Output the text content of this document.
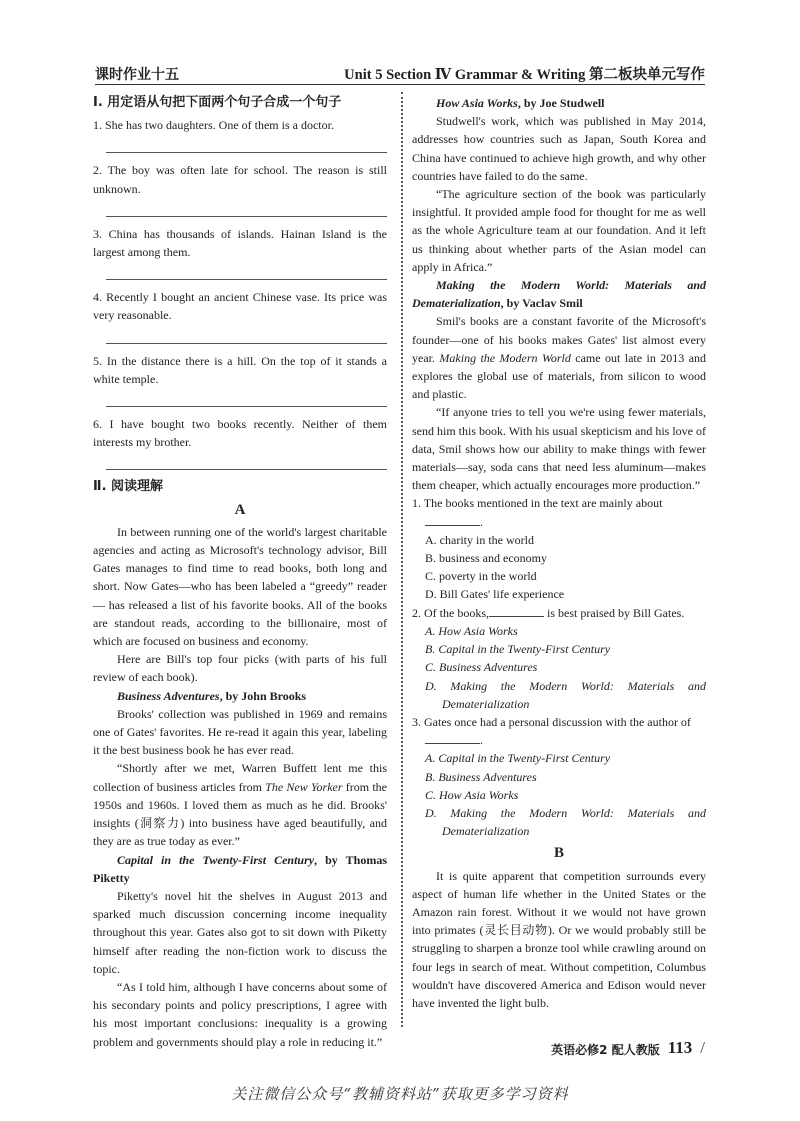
课时作业十五	Unit 5 Section Ⅳ Grammar & Writing 第二板块单元写作
Ⅰ. 用定语从句把下面两个句子合成一个句子
1. She has two daughters. One of them is a doctor.
2. The boy was often late for school. The reason is still unknown.
3. China has thousands of islands. Hainan Island is the largest among them.
4. Recently I bought an ancient Chinese vase. Its price was very reasonable.
5. In the distance there is a hill. On the top of it stands a white temple.
6. I have bought two books recently. Neither of them interests my brother.
Ⅱ. 阅读理解
A

In between running one of the world's largest charitable agencies and acting as Microsoft's technology advisor, Bill Gates manages to find time to read books, both long and short. Now Gates—who has been labeled a “greedy” reader — has released a list of his favorite books. All of the books are standout reads, according to the billionaire, most of which are focused on business and economy.

Here are Bill's top four picks (with parts of his full review of each book).

Business Adventures, by John Brooks

Brooks' collection was published in 1969 and remains one of Gates' favorites. He re-read it again this year, labeling it the best business book he has ever read.

“Shortly after we met, Warren Buffett lent me this collection of business articles from The New Yorker from the 1950s and 1960s. I loved them as much as he did. Brooks' insights (洞察力) into business have aged beautifully, and they are as true today as ever.”

Capital in the Twenty-First Century, by Thomas Piketty

Piketty's novel hit the shelves in August 2013 and sparked much discussion concerning income inequality throughout this year. Gates also got to sit down with Piketty himself after reading the non-fiction work to discuss the topic.

“As I told him, although I have concerns about some of his secondary points and policy prescriptions, I agree with his most important conclusions: inequality is a growing problem and governments should play a role in reducing it.”

How Asia Works, by Joe Studwell

Studwell's work, which was published in May 2014, addresses how countries such as Japan, South Korea and China have continued to achieve high growth, and why other countries have failed to do the same.

“The agriculture section of the book was particularly insightful. It provided ample food for thought for me as well as the whole Agriculture team at our foundation. And it left us thinking about whether parts of the Asian model can apply in Africa.”

Making the Modern World: Materials and Dematerialization, by Vaclav Smil

Smil's books are a constant favorite of the Microsoft's founder—one of his books makes Gates' list almost every year. Making the Modern World came out late in 2013 and explores the global use of materials, from silicon to wood and plastic.

“If anyone tries to tell you we're using fewer materials, send him this book. With his usual skepticism and his love of data, Smil shows how our ability to make things with fewer materials—say, soda cans that need less aluminum—makes them cheaper, which actually encourages more production.”

1. The books mentioned in the text are mainly about
.
A. charity in the world
B. business and economy
C. poverty in the world
D. Bill Gates' life experience
2. Of the books,	is best praised by Bill Gates.
A. How Asia Works
B. Capital in the Twenty-First Century
C. Business Adventures
D. Making the Modern World: Materials and Dematerialization
3. Gates once had a personal discussion with the author of
.
A. Capital in the Twenty-First Century
B. Business Adventures
C. How Asia Works
D. Making the Modern World: Materials and Dematerialization
B

It is quite apparent that competition surrounds every aspect of human life whether in the United States or the Amazon rain forest. Without it we would not have grown into primates (灵长目动物). Or we would probably still be struggling to sharpen a bronze tool while crawling around on four legs in search of meat. Without competition, Columbus wouldn't have discovered America and Edison would never have invented the light bulb.

英语必修2 配人教版 113 /
关注微信公众号“教辅资料站”获取更多学习资料
